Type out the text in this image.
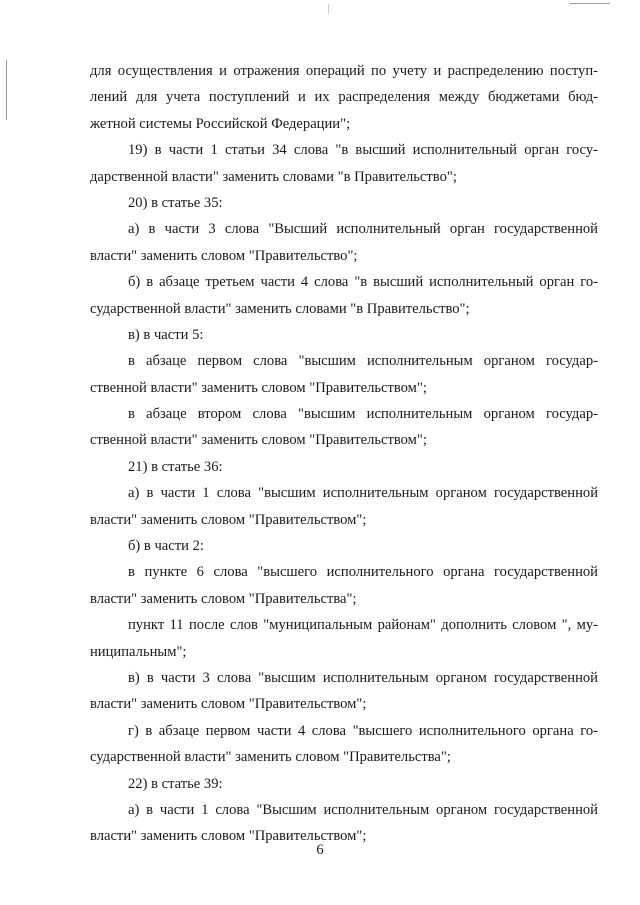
для осуществления и отражения операций по учету и распределению поступ-
лений для учета поступлений и их распределения между бюджетами бюд-
жетной системы Российской Федерации";
19) в части 1 статьи 34 слова "в высший исполнительный орган госу-
дарственной власти" заменить словами "в Правительство";
20) в статье 35:
а) в части 3 слова "Высший исполнительный орган государственной
власти" заменить словом "Правительство";
б) в абзаце третьем части 4 слова "в высший исполнительный орган го-
сударственной власти" заменить словами "в Правительство";
в) в части 5:
в абзаце первом слова "высшим исполнительным органом государ-
ственной власти" заменить словом "Правительством";
в абзаце втором слова "высшим исполнительным органом государ-
ственной власти" заменить словом "Правительством";
21) в статье 36:
а) в части 1 слова "высшим исполнительным органом государственной
власти" заменить словом "Правительством";
б) в части 2:
в пункте 6 слова "высшего исполнительного органа государственной
власти" заменить словом "Правительства";
пункт 11 после слов "муниципальным районам" дополнить словом ", му-
ниципальным";
в) в части 3 слова "высшим исполнительным органом государственной
власти" заменить словом "Правительством";
г) в абзаце первом части 4 слова "высшего исполнительного органа го-
сударственной власти" заменить словом "Правительства";
22) в статье 39:
а) в части 1 слова "Высшим исполнительным органом государственной
власти" заменить словом "Правительством";
6
